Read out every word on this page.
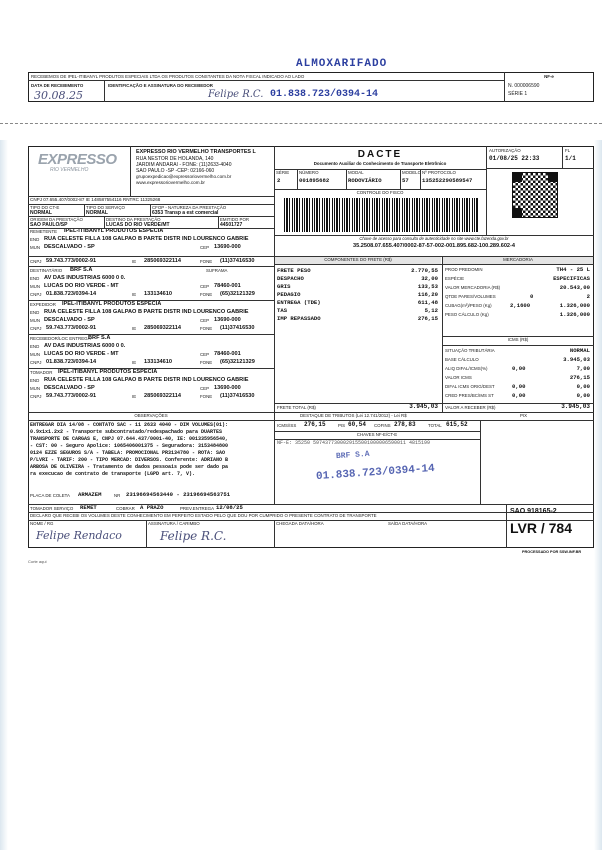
RECEBEMOS DE IPEL-ITIBANYL PRODUTOS ESPECIAIS LTDA OS PRODUTOS CONSTANTES DA NOTA FISCAL INDICADO AO LADO
DATA DE RECEBIMENTO
30.08.25
IDENTIFICAÇÃO E ASSINATURA DO RECEBEDOR
Felipe R.C.
NF-e
N. 000006590
SÉRIE 1
ALMOXARIFADO
01.838.723/0394-14
EXPRESSO
RIO VERMELHO
EXPRESSO RIO VERMELHO TRANSPORTES L
RUA NESTOR DE HOLANDA, 140
JARDIM ANDARAI - FONE: (11)2633-4040
SAO PAULO -SP -CEP: 02166-060
grupoexpedicao@expressoriovermelho.com.br
www.expressoriovermelho.com.br
CNPJ 07.655.407/0002-87 IE 148587554116 RNTRC 11325268
TIPO DO CT-E
NORMAL
TIPO DO SERVIÇO
NORMAL
CFOP - NATUREZA DA PRESTAÇÃO
6353 Transp a est comercial
ORIGEM DA PRESTAÇÃO
SAO PAULO/SP
DESTINO DA PRESTAÇÃO
LUCAS DO RIO VERDE/MT
EMITIDO POR
44501727
DACTE
Documento Auxiliar do Conhecimento de Transporte Eletrônico
SÉRIE
2
NÚMERO
001895682
MODAL
RODOVIÁRIO
MODELO
57
Nº PROTOCOLO
135252290589547
CONTROLE DO FISCO
Chave de acesso para consulta de autenticidade no site www.cte.fazenda.gov.br
35.2508.07.655.407/0002-87-57-002-001.895.682-100.289.602-4
AUTORIZAÇÃO
01/08/25 22:33
FL
1/1
REMETENTE IPEL-ITIBANYL PRODUTOS ESPECIA
END RUA CELESTE FILLA 108 GALPAO B PARTE DISTR IND LOURENCO GABRIE
MUN DESCALVADO - SP	CEP 13690-000
CNPJ 59.743.773/0002-91	IE 285069322114	FONE (11)37416530
DESTINATÁRIO BRF S.A	SUFRAMA
END AV DAS INDUSTRIAS 6000 0 0.
MUN LUCAS DO RIO VERDE - MT	CEP 78460-001
CNPJ 01.838.723/0394-14	IE 133134610	FONE (65)32121329
EXPEDIDOR IPEL-ITIBANYL PRODUTOS ESPECIA
END RUA CELESTE FILLA 108 GALPAO B PARTE DISTR IND LOURENCO GABRIE
MUN DESCALVADO - SP	CEP 13690-000
CNPJ 59.743.773/0002-91	IE 285069322114	FONE (11)37416530
RECEBEDOR/LOC ENTREGA
BRF S.A
END AV DAS INDUSTRIAS 6000 0 0.
MUN LUCAS DO RIO VERDE - MT	CEP 78460-001
CNPJ 01.838.723/0394-14	IE 133134610	FONE (65)32121329
TOMADOR IPEL-ITIBANYL PRODUTOS ESPECIA
END RUA CELESTE FILLA 108 GALPAO B PARTE DISTR IND LOURENCO GABRIE
MUN DESCALVADO - SP	CEP 13690-000
CNPJ 59.743.773/0002-91	IE 285069322114	FONE (11)37416530
COMPONENTES DO FRETE (R$)
FRETE PESO	2.770,55
DESPACHO	32,00
GRIS	133,53
PEDAGIO	116,20
ENTREGA (TDE)	611,48
TAS	5,12
IMP REPASSADO	276,15
MERCADORIA
PROD PREDOMIN	TH4 - 25 L
ESPÉCIE	ESPECIFICAS
VALOR MERCADORIA (R$)	20.543,00
QTDE PARES/VOLUMES	0	2
CUBAG(m³)/PESO (Kg)	2,1600	1.326,000
PESO CÁLCULO (Kg)	1.326,000
ICMS (R$)
SITUAÇÃO TRIBUTÁRIA	NORMAL
BASE CÁLCULO	3.945,03
ALIQ DIFAL/ICMS(%)	0,00	7,00
VALOR ICMS	276,15
DIFAL ICMS ORIG/DEST	0,00	0,00
CRED PRES/BC/IMS ST	0,00	0,00
FRETE TOTAL (R$)	3.945,03 VALOR A RECEBER (R$)	3.945,03
OBSERVAÇÕES
ENTREGAR DIA 14/08 - CONTATO SAC - 11 2633 4040 - DIM VOLUMES(01):
0.9x1x1.2x2 - Transporte subcontratado/redespachado para DUARTES
TRANSPORTE DE CARGAS E, CNPJ 07.644.437/0001-40, IE: 001335956540,
- CST: 00 - Seguro Apolice: 1065406001375 - Seguradora: 3153484800
0124 EZZE SEGUROS S/A - TABELA: PROMOCIONAL PR3134780 - ROTA: SAO
P/LVRI - TARIF: 200 - TIPO MERCAD: DIVERSOS. Conferente: ADRIANO B
ARBOSA DE OLIVEIRA - Tratamento de dados pessoais pode ser dado pa
ra execucao de contrato de transporte (LGPD art. 7, V).
PLACA DE COLETA ARMAZEM	NR 23196694563440 - 23196694563751
DESTAQUE DE TRIBUTOS (Lei 12.741/2012) - Lei R$	PIX
ICMS/ISS 276,15	PIS 60,54 COFINS 278,83	TOTAL 615,52
CHAVES NF-E/CT-E
NF-E: 35250 5974377300029155001000006590011 4815199
BRF S.A
01.838.723/0394-14
TOMADOR SERVIÇO REMET	COBRAR A PRAZO	PREV.ENTREGA 12/08/25
DECLARO QUE RECEBI OS VOLUMES DESTE CONHECIMENTO EM PERFEITO ESTADO PELO QUE DOU POR CUMPRIDO O PRESENTE CONTRATO DE TRANSPORTE
NOME / RG	ASSINATURA / CARIMBO	CHEGADA DATA/HORA	SAÍDA DATA/HORA
SAO 918165-2
LVR / 784
Felipe Rendaco	Felipe R.C.
PROCESSADO POR SSW.INF.BR
Corte aqui
